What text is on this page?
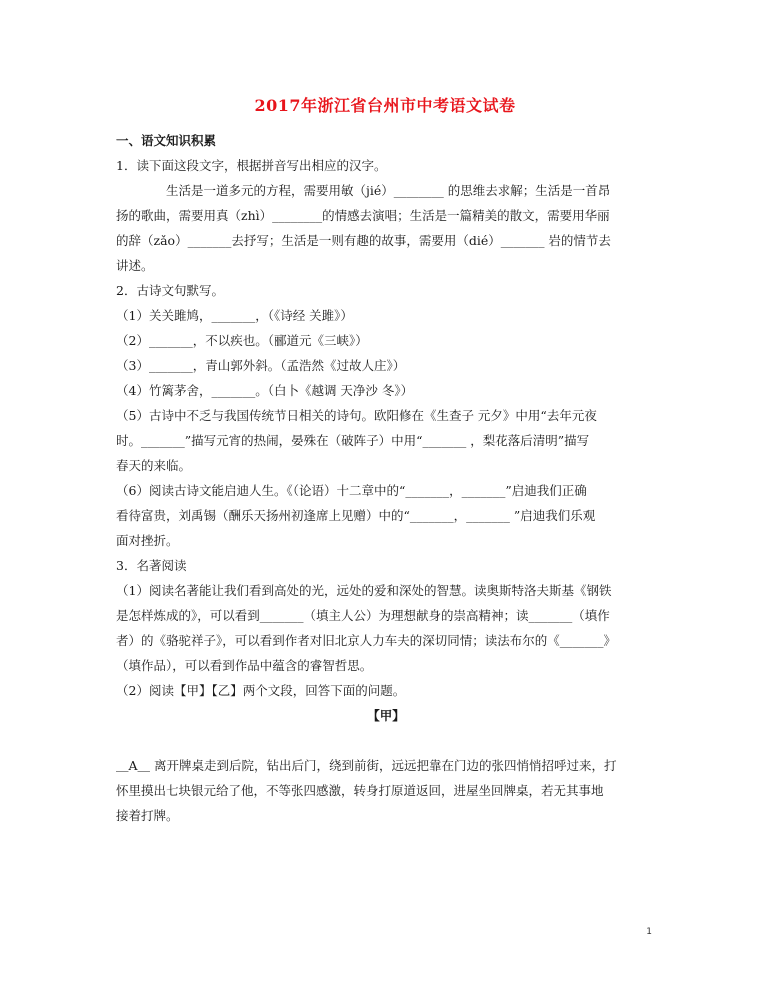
2017年浙江省台州市中考语文试卷
一、语文知识积累
1．读下面这段文字，根据拼音写出相应的汉字。
生活是一道多元的方程，需要用敏（jié）________ 的思维去求解；生活是一首昂
扬的歌曲，需要用真（zhì）________的情感去演唱；生活是一篇精美的散文，需要用华丽
的辞（zǎo）_______去抒写；生活是一则有趣的故事，需要用（dié）_______ 岩的情节去
讲述。
2．古诗文句默写。
（1）关关雎鸠，_______，（《诗经 关雎》）
（2）_______，不以疾也。（郦道元《三峡》）
（3）_______，青山郭外斜。（孟浩然《过故人庄》）
（4）竹篱茅舍，_______。（白卜《越调 天净沙 冬》）
（5）古诗中不乏与我国传统节日相关的诗句。欧阳修在《生查子 元夕》中用“去年元夜
时。_______”描写元宵的热闹，晏殊在（破阵子）中用“_______ ，梨花落后清明”描写
春天的来临。
（6）阅读古诗文能启迪人生。《（论语）十二章中的“_______，_______”启迪我们正确
看待富贵，刘禹锡（酬乐天扬州初逢席上见赠）中的“_______，_______ ”启迪我们乐观
面对挫折。
3．名著阅读
（1）阅读名著能让我们看到高处的光，远处的爱和深处的智慧。读奥斯特洛夫斯基《钢铁
是怎样炼成的》，可以看到_______（填主人公）为理想献身的崇高精神；读_______（填作
者）的《骆驼祥子》，可以看到作者对旧北京人力车夫的深切同情；读法布尔的《_______》
（填作品），可以看到作品中蕴含的睿智哲思。
（2）阅读【甲】【乙】两个文段，回答下面的问题。
【甲】
＿A＿ 离开牌桌走到后院，钻出后门，绕到前街，远远把靠在门边的张四悄悄招呼过来，打
怀里摸出七块银元给了他，不等张四感激，转身打原道返回，进屋坐回牌桌，若无其事地
接着打牌。
1
